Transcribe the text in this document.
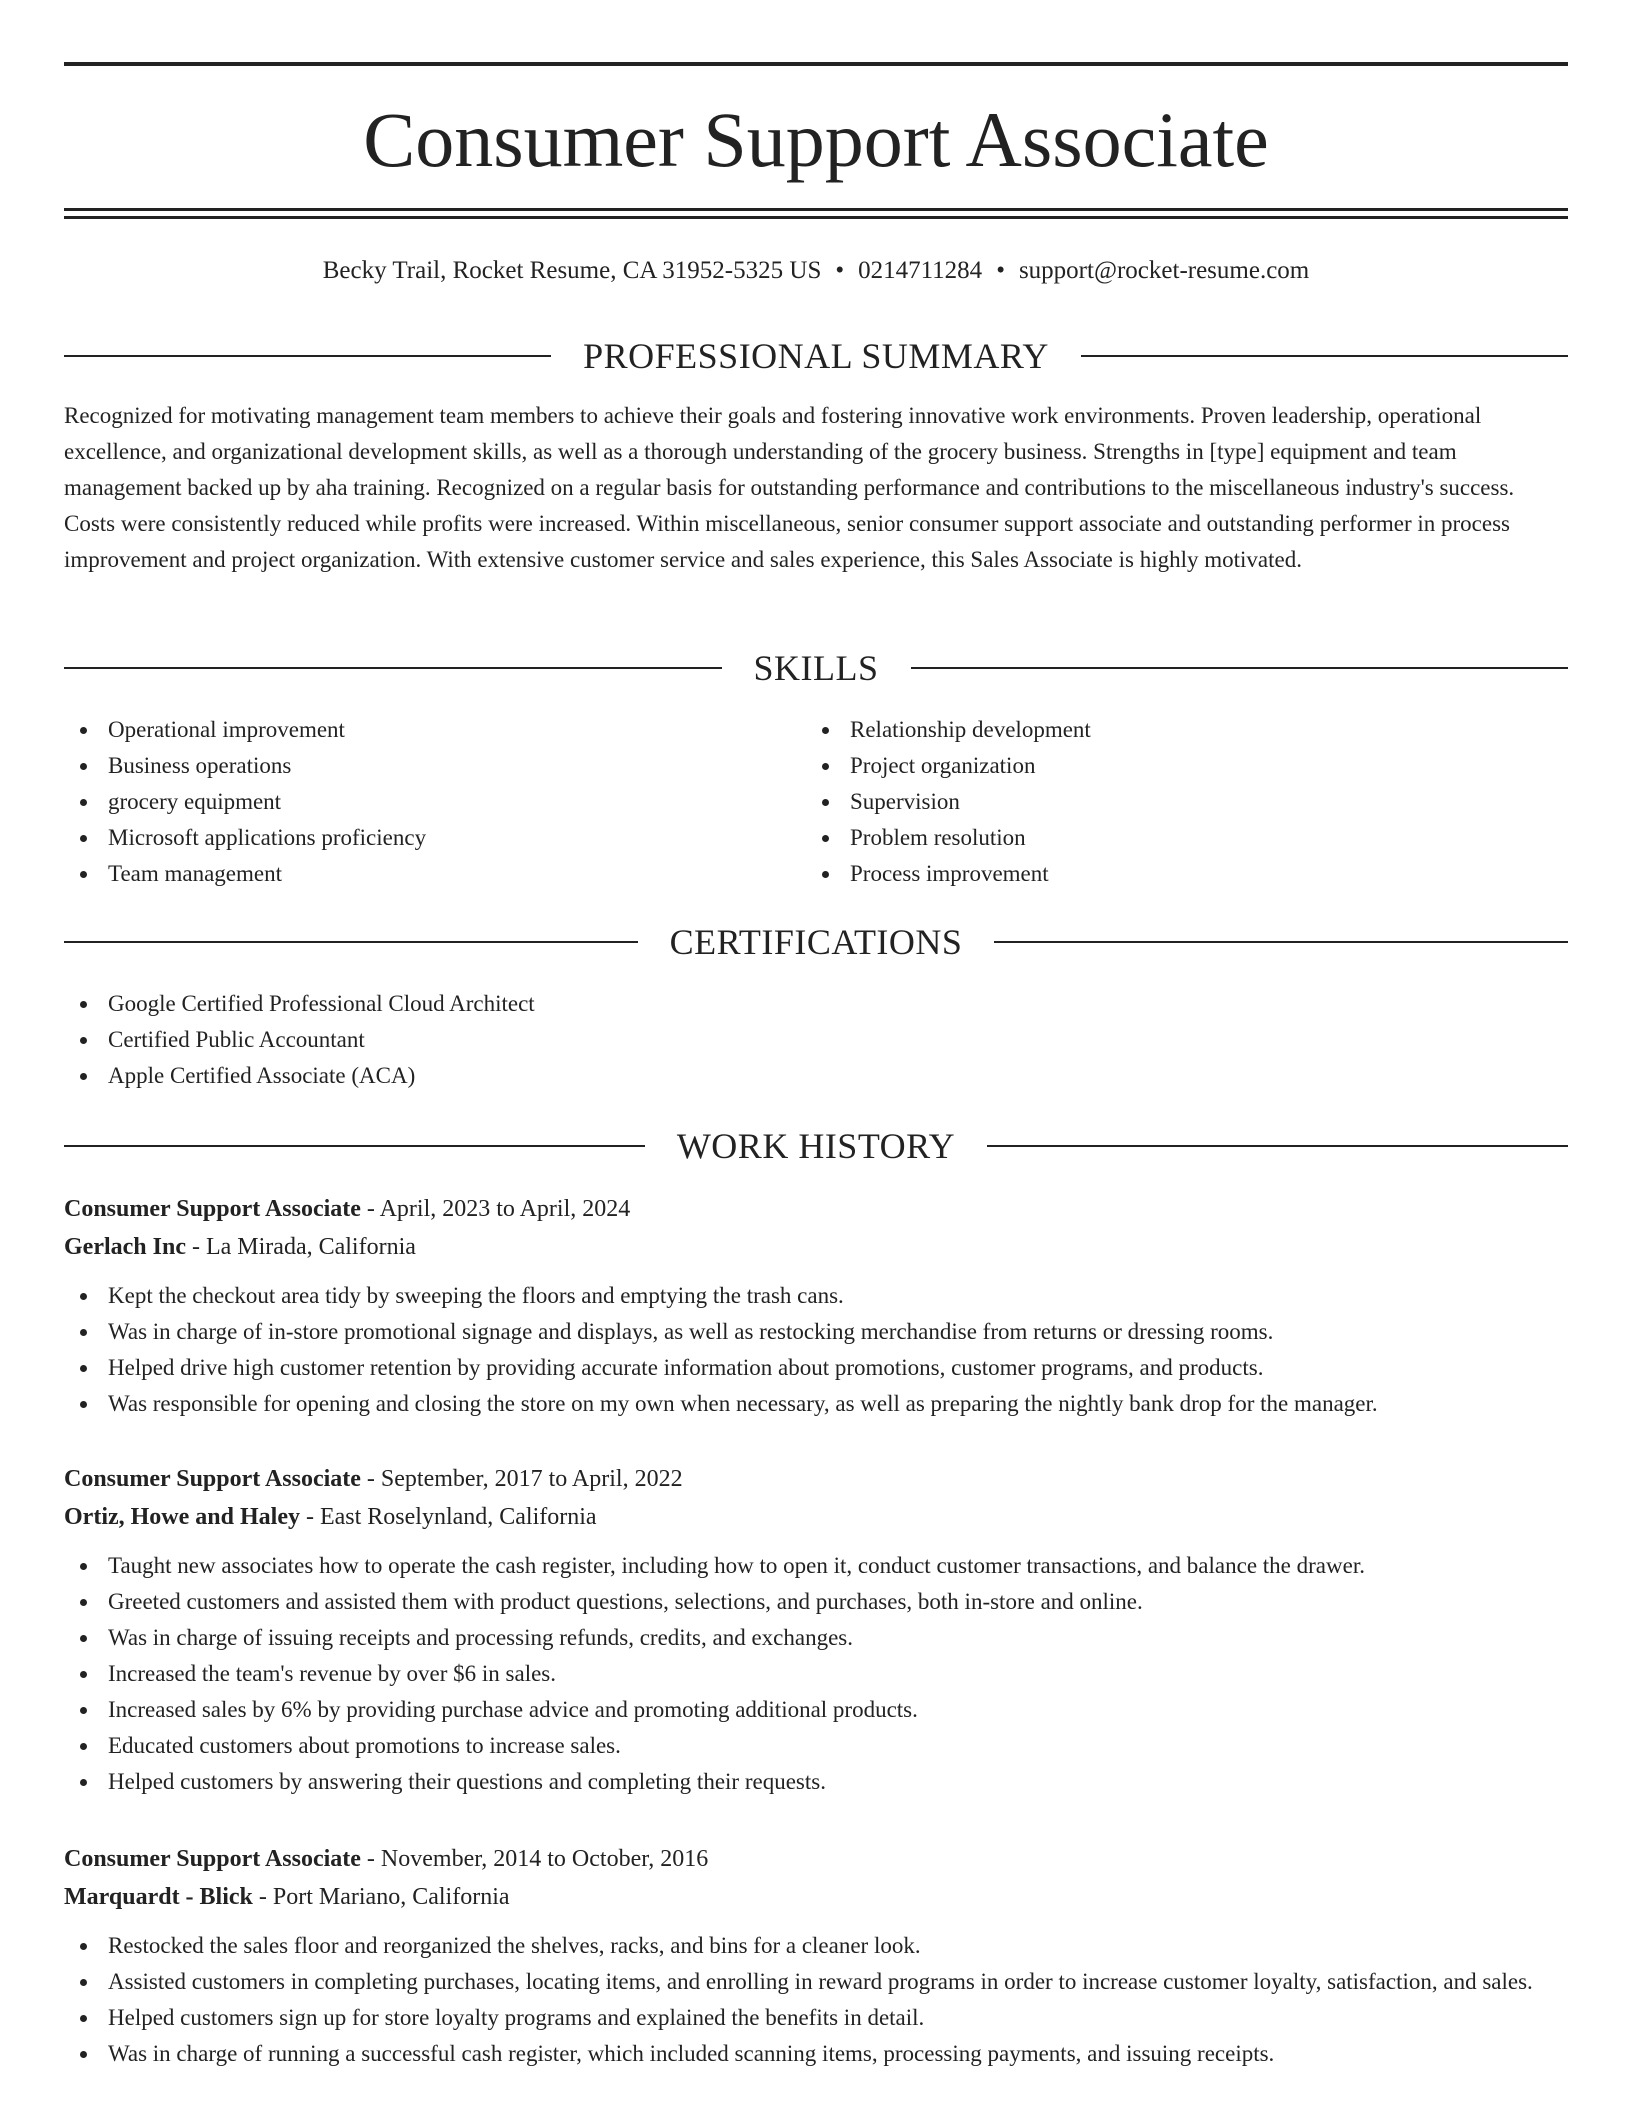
Consumer Support Associate
Becky Trail, Rocket Resume, CA 31952-5325 US • 0214711284 • support@rocket-resume.com
PROFESSIONAL SUMMARY

Recognized for motivating management team members to achieve their goals and fostering innovative work environments. Proven leadership, operational excellence, and organizational development skills, as well as a thorough understanding of the grocery business. Strengths in [type] equipment and team management backed up by aha training. Recognized on a regular basis for outstanding performance and contributions to the miscellaneous industry's success. Costs were consistently reduced while profits were increased. Within miscellaneous, senior consumer support associate and outstanding performer in process improvement and project organization. With extensive customer service and sales experience, this Sales Associate is highly motivated.

SKILLS
Operational improvement
Business operations
grocery equipment
Microsoft applications proficiency
Team management
Relationship development
Project organization
Supervision
Problem resolution
Process improvement
CERTIFICATIONS
Google Certified Professional Cloud Architect
Certified Public Accountant
Apple Certified Associate (ACA)
WORK HISTORY
Consumer Support Associate - April, 2023 to April, 2024
Gerlach Inc - La Mirada, California
Kept the checkout area tidy by sweeping the floors and emptying the trash cans.
Was in charge of in-store promotional signage and displays, as well as restocking merchandise from returns or dressing rooms.
Helped drive high customer retention by providing accurate information about promotions, customer programs, and products.
Was responsible for opening and closing the store on my own when necessary, as well as preparing the nightly bank drop for the manager.
Consumer Support Associate - September, 2017 to April, 2022
Ortiz, Howe and Haley - East Roselynland, California
Taught new associates how to operate the cash register, including how to open it, conduct customer transactions, and balance the drawer.
Greeted customers and assisted them with product questions, selections, and purchases, both in-store and online.
Was in charge of issuing receipts and processing refunds, credits, and exchanges.
Increased the team's revenue by over $6 in sales.
Increased sales by 6% by providing purchase advice and promoting additional products.
Educated customers about promotions to increase sales.
Helped customers by answering their questions and completing their requests.
Consumer Support Associate - November, 2014 to October, 2016
Marquardt - Blick - Port Mariano, California
Restocked the sales floor and reorganized the shelves, racks, and bins for a cleaner look.
Assisted customers in completing purchases, locating items, and enrolling in reward programs in order to increase customer loyalty, satisfaction, and sales.
Helped customers sign up for store loyalty programs and explained the benefits in detail.
Was in charge of running a successful cash register, which included scanning items, processing payments, and issuing receipts.
